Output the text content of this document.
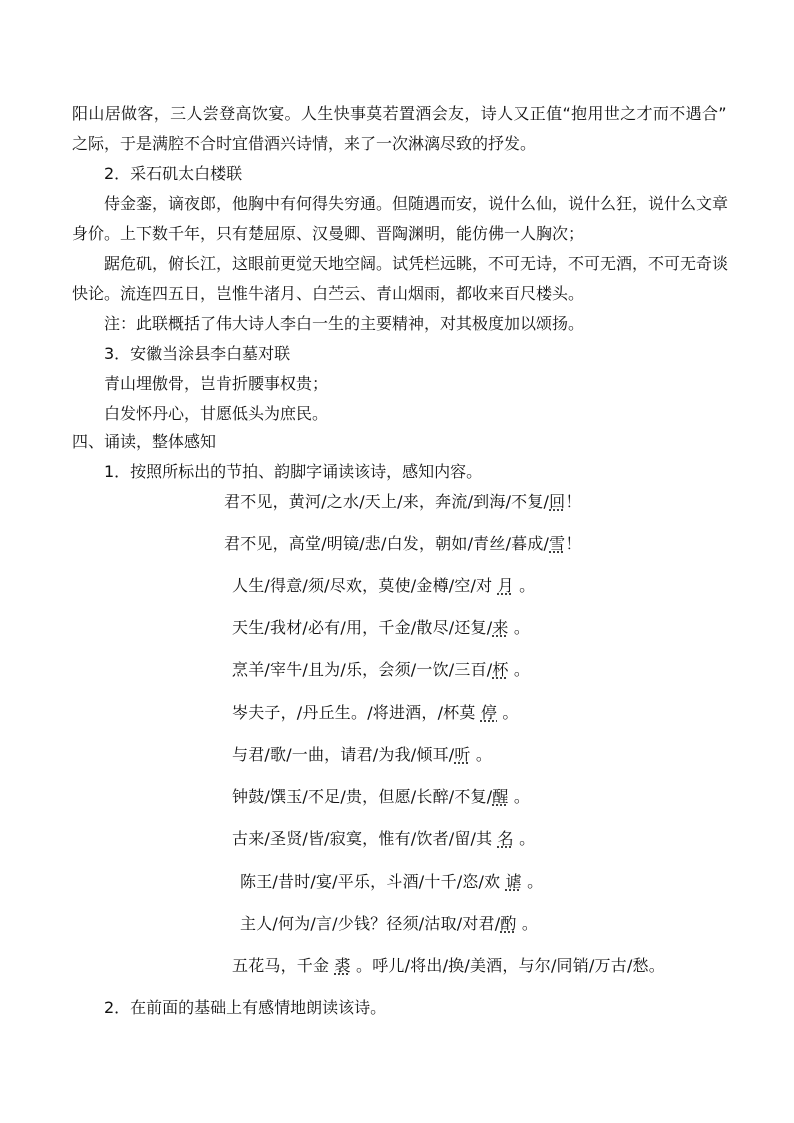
阳山居做客，三人尝登高饮宴。人生快事莫若置酒会友，诗人又正值“抱用世之才而不遇合”
之际，于是满腔不合时宜借酒兴诗情，来了一次淋漓尽致的抒发。
2．采石矶太白楼联
侍金銮，谪夜郎，他胸中有何得失穷通。但随遇而安，说什么仙，说什么狂，说什么文章
身价。上下数千年，只有楚屈原、汉曼卿、晋陶渊明，能仿佛一人胸次；
踞危矶，俯长江，这眼前更觉天地空阔。试凭栏远眺，不可无诗，不可无酒，不可无奇谈
快论。流连四五日，岂惟牛渚月、白苎云、青山烟雨，都收来百尺楼头。
注：此联概括了伟大诗人李白一生的主要精神，对其极度加以颂扬。
3．安徽当涂县李白墓对联
青山埋傲骨，岂肯折腰事权贵；
白发怀丹心，甘愿低头为庶民。
四、诵读，整体感知
1．按照所标出的节拍、韵脚字诵读该诗，感知内容。
君不见，黄河/之水/天上/来，奔流/到海/不复/回！
君不见，高堂/明镜/悲/白发，朝如/青丝/暮成/雪！
人生/得意/须/尽欢，莫使/金樽/空/对 月 。
天生/我材/必有/用，千金/散尽/还复/来 。
烹羊/宰牛/且为/乐，会须/一饮/三百/杯 。
岑夫子，/丹丘生。/将进酒，/杯莫 停 。
与君/歌/一曲，请君/为我/倾耳/听 。
钟鼓/馔玉/不足/贵，但愿/长醉/不复/醒 。
古来/圣贤/皆/寂寞，惟有/饮者/留/其 名 。
陈王/昔时/宴/平乐，斗酒/十千/恣/欢 谑 。
主人/何为/言/少钱？径须/沽取/对君/酌 。
五花马，千金 裘 。呼儿/将出/换/美酒，与尔/同销/万古/愁。
2．在前面的基础上有感情地朗读该诗。
